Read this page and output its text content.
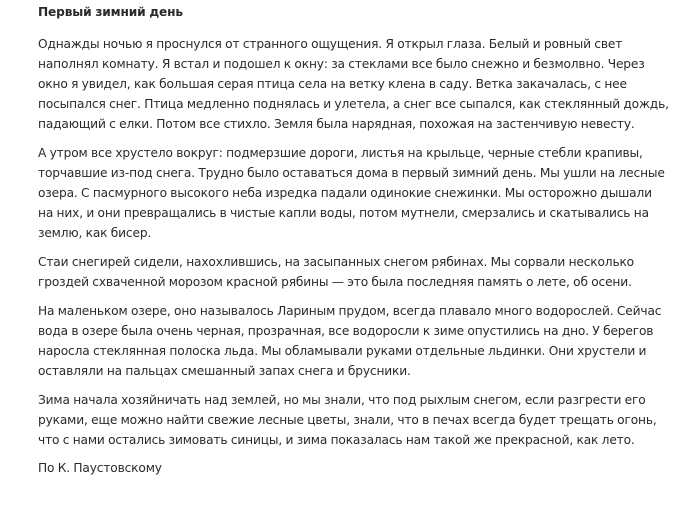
Первый зимний день
Однажды ночью я проснулся от странного ощущения. Я открыл глаза. Белый и ровный свет
наполнял комнату. Я встал и подошел к окну: за стеклами все было снежно и безмолвно. Через
окно я увидел, как большая серая птица села на ветку клена в саду. Ветка закачалась, с нее
посыпался снег. Птица медленно поднялась и улетела, а снег все сыпался, как стеклянный дождь,
падающий с елки. Потом все стихло. Земля была нарядная, похожая на застенчивую невесту.
А утром все хрустело вокруг: подмерзшие дороги, листья на крыльце, черные стебли крапивы,
торчавшие из-под снега. Трудно было оставаться дома в первый зимний день. Мы ушли на лесные
озера. С пасмурного высокого неба изредка падали одинокие снежинки. Мы осторожно дышали
на них, и они превращались в чистые капли воды, потом мутнели, смерзались и скатывались на
землю, как бисер.
Стаи снегирей сидели, нахохлившись, на засыпанных снегом рябинах. Мы сорвали несколько
гроздей схваченной морозом красной рябины — это была последняя память о лете, об осени.
На маленьком озере, оно называлось Лариным прудом, всегда плавало много водорослей. Сейчас
вода в озере была очень черная, прозрачная, все водоросли к зиме опустились на дно. У берегов
наросла стеклянная полоска льда. Мы обламывали руками отдельные льдинки. Они хрустели и
оставляли на пальцах смешанный запах снега и брусники.
Зима начала хозяйничать над землей, но мы знали, что под рыхлым снегом, если разгрести его
руками, еще можно найти свежие лесные цветы, знали, что в печах всегда будет трещать огонь,
что с нами остались зимовать синицы, и зима показалась нам такой же прекрасной, как лето.
По К. Паустовскому
